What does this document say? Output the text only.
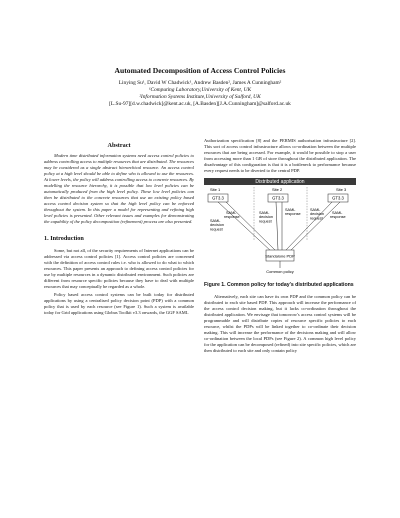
Automated Decomposition of Access Control Policies
Linying Su¹, David W Chadwick¹, Andrew Basden², James A Cunningham²
¹Computing Laboratory,University of Kent, UK
²Information Systems Institute,University of Salford, UK
[L.Su-97][d.w.chadwick]@kent.ac.uk, [A.Basden][J.A.Cunningham]@salford.ac.uk
Abstract

Modern time distributed information systems need access control policies to address controlling access to multiple resources that are distributed. The resources may be considered as a single abstract hierarchical resource. An access control policy at a high level should be able to define who is allowed to use the resources. At lower levels, the policy will address controlling access to concrete resources. By modelling the resource hierarchy, it is possible that low level policies can be automatically produced from the high level policy. These low level policies can then be distributed to the concrete resources that use an existing policy based access control decision system so that the high level policy can be enforced throughout the system. In this paper a model for representing and refining high level policies is presented. Other relevant issues and examples for demonstrating the capability of the policy decomposition (refinement) process are also presented.

1. Introduction

Some, but not all, of the security requirements of Internet applications can be addressed via access control policies [1]. Access control policies are concerned with the definition of access control rules i.e. who is allowed to do what to which resources. This paper presents an approach to defining access control policies for use by multiple resources in a dynamic distributed environment. Such policies are different from resource specific policies because they have to deal with multiple resources that may conceptually be regarded as a whole.

Policy based access control systems can be built today for distributed applications by using a centralised policy decision point (PDP) with a common policy that is used by each resource (see Figure 1). Such a system is available today for Grid applications using Globus Toolkit v3.3 onwards, the GGF SAML

Authorization specification [8] and the PERMIS authorisation infrastructure [2]. This sort of access control infrastructure allows co-ordination between the multiple resources that are being accessed. For example, it would be possible to stop a user from accessing more than 1 GB of store throughout the distributed application. The disadvantage of this configuration is that it is a bottleneck to performance because every request needs to be diverted to the central PDP.

Distributed application
Site 1	Site 2	Site 3
GT3.3	GT3.3	GT3.3
SAML response
SAML decision request
SAML decision request
SAML response
SAML decision request
SAML response
Standalone PDP
Common policy
Figure 1. Common policy for today's distributed applications

Alternatively, each site can have its own PDP and the common policy can be distributed to each site based PDP. This approach will increase the performance of the access control decision making, but it lacks co-ordination throughout the distributed application. We envisage that tomorrow's access control systems will be programmable and will distribute copies of resource specific policies to each resource, whilst the PDPs will be linked together to co-ordinate their decision making. This will increase the performance of the decisions making and will allow co-ordination between the local PDPs (see Figure 2). A common high level policy for the application can be decomposed (refined) into site specific policies, which are then distributed to each site and only contain policy
